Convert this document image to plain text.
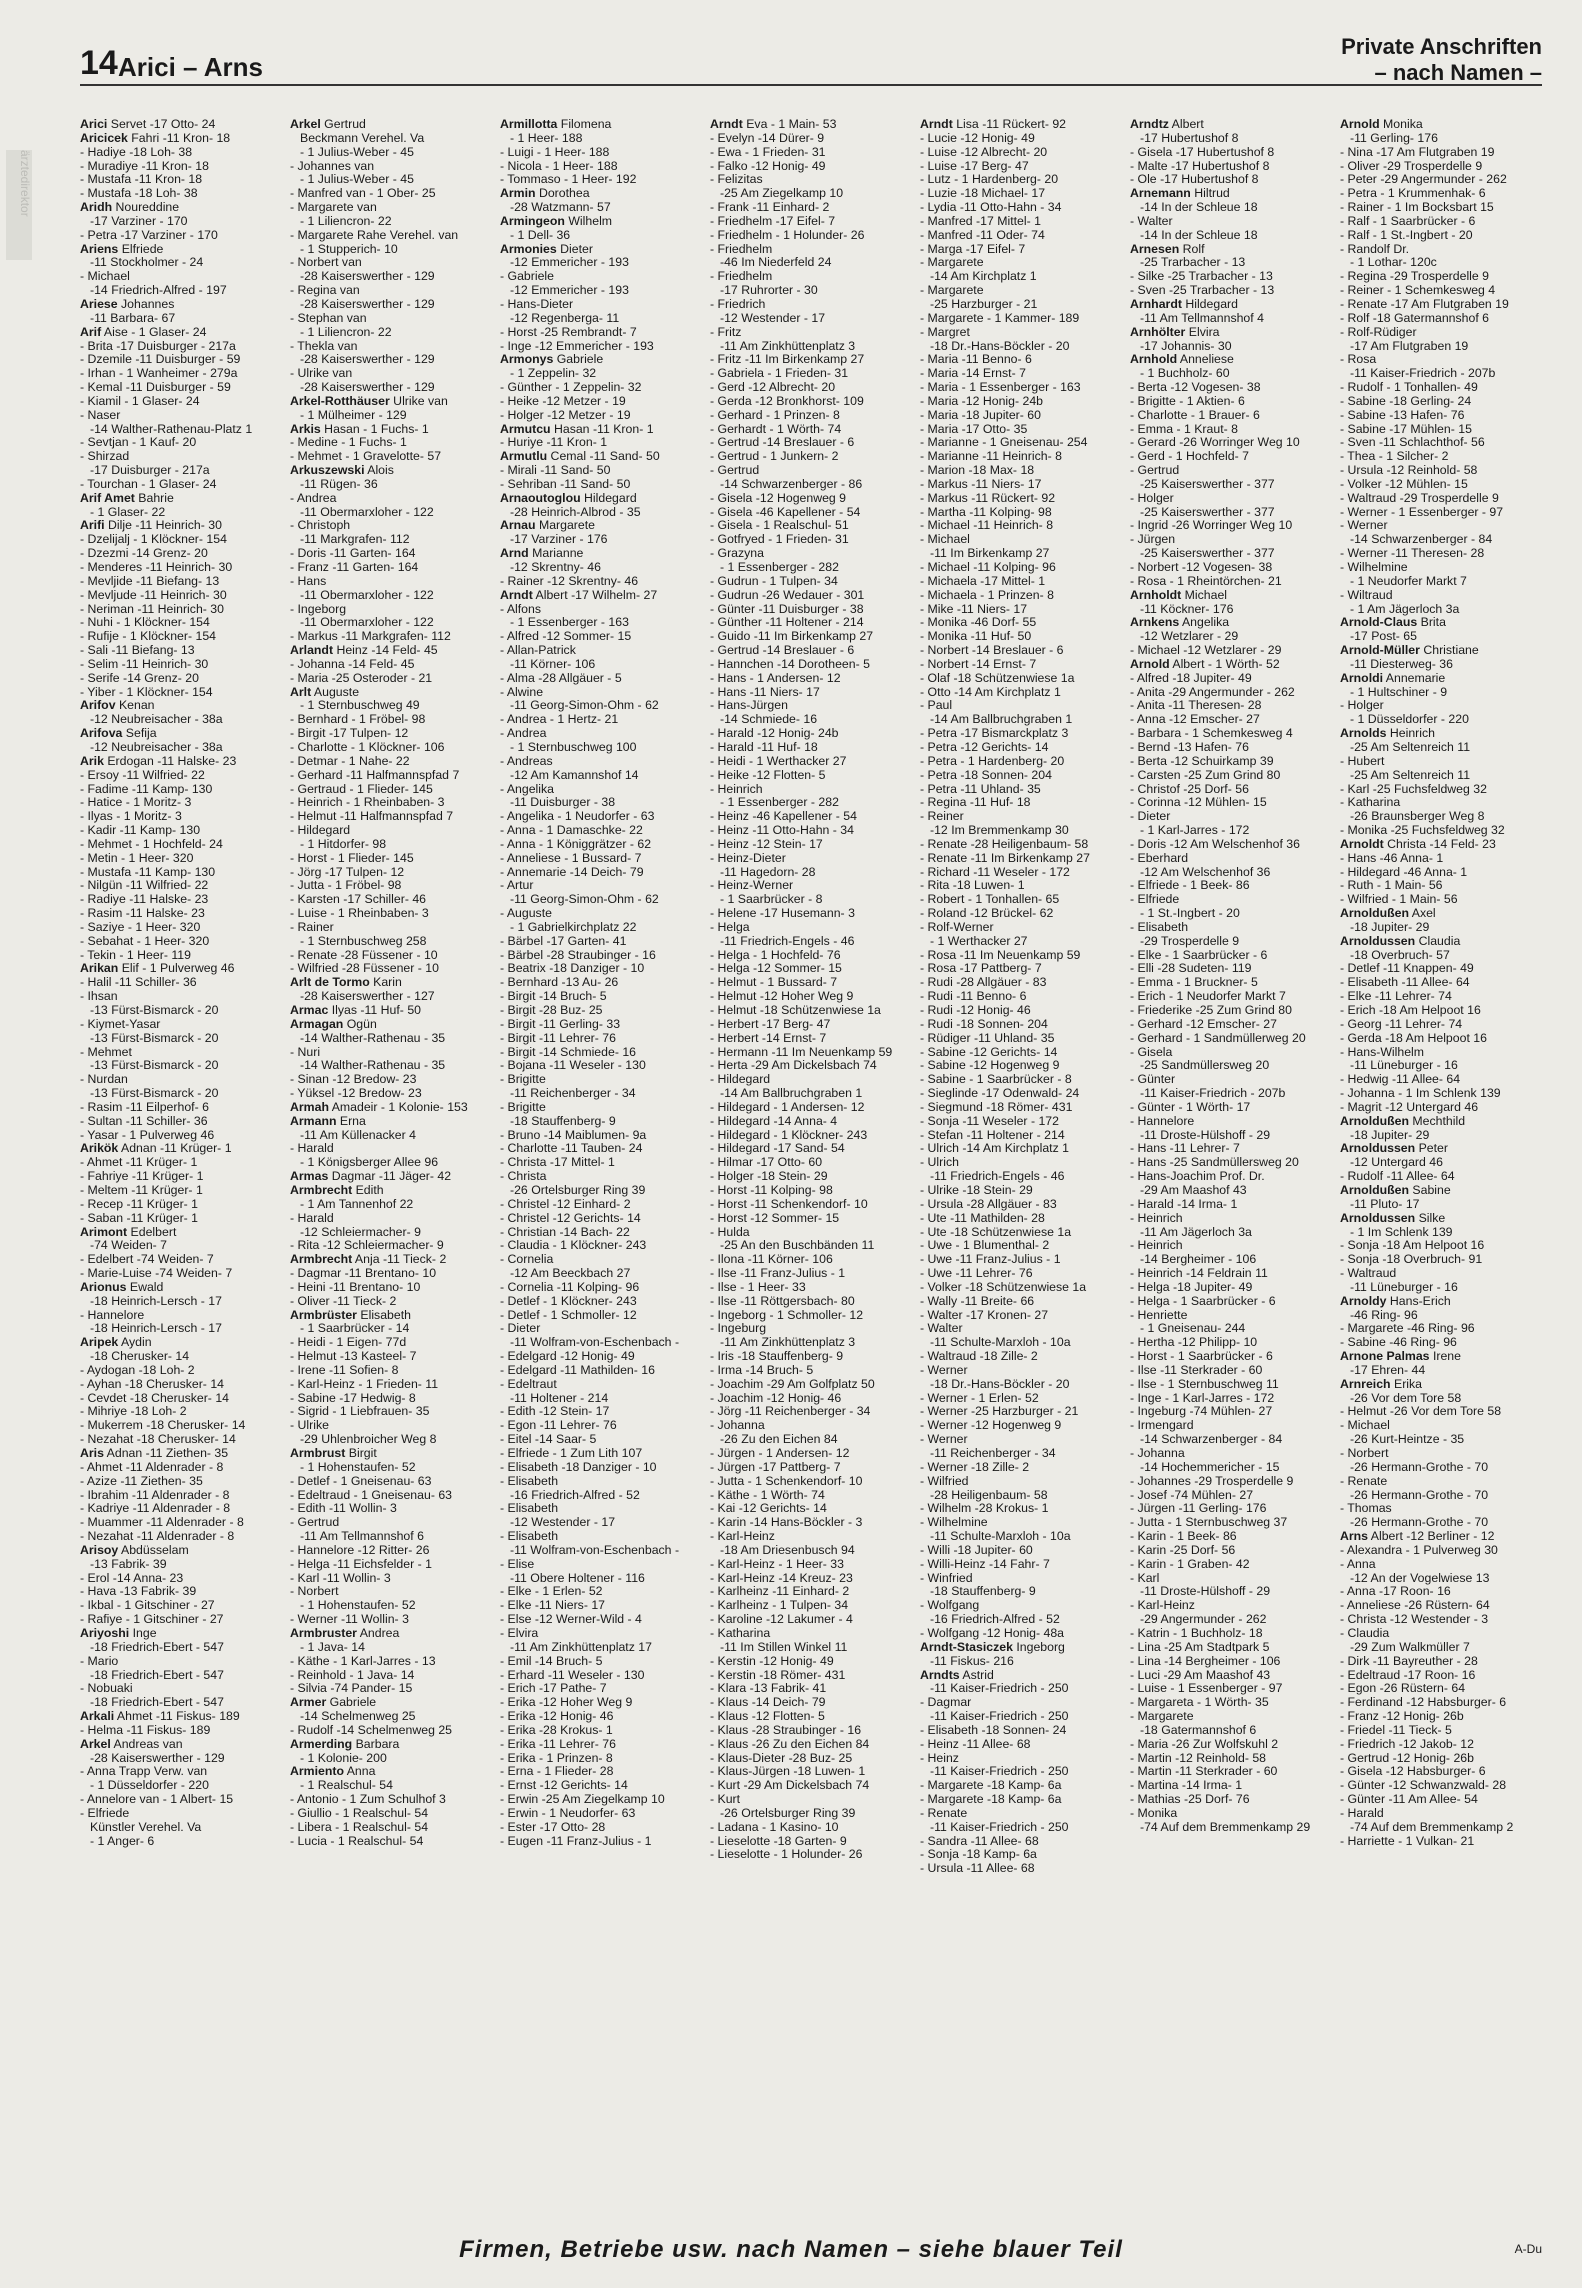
ärztedirektor
14 Arici – Arns
Private Anschriften
– nach Namen –
Arici Servet -17 Otto- 24
Aricicek Fahri -11 Kron- 18
- Hadiye -18 Loh- 38
- Muradiye -11 Kron- 18
- Mustafa -11 Kron- 18
- Mustafa -18 Loh- 38
Aridh Noureddine
-17 Varziner - 170
- Petra -17 Varziner - 170
Ariens Elfriede
-11 Stockholmer - 24
- Michael
-14 Friedrich-Alfred - 197
Ariese Johannes
-11 Barbara- 67
Arif Aise - 1 Glaser- 24
- Brita -17 Duisburger - 217a
- Dzemile -11 Duisburger - 59
- Irhan - 1 Wanheimer - 279a
- Kemal -11 Duisburger - 59
- Kiamil - 1 Glaser- 24
- Naser
-14 Walther-Rathenau-Platz 1
- Sevtjan - 1 Kauf- 20
- Shirzad
-17 Duisburger - 217a
- Tourchan - 1 Glaser- 24
Arif Amet Bahrie
- 1 Glaser- 22
Arifi Dilje -11 Heinrich- 30
- Dzelijalj - 1 Klöckner- 154
- Dzezmi -14 Grenz- 20
- Menderes -11 Heinrich- 30
- Mevljide -11 Biefang- 13
- Mevljude -11 Heinrich- 30
- Neriman -11 Heinrich- 30
- Nuhi - 1 Klöckner- 154
- Rufije - 1 Klöckner- 154
- Sali -11 Biefang- 13
- Selim -11 Heinrich- 30
- Serife -14 Grenz- 20
- Yiber - 1 Klöckner- 154
Arifov Kenan
-12 Neubreisacher - 38a
Arifova Sefija
-12 Neubreisacher - 38a
Arik Erdogan -11 Halske- 23
- Ersoy -11 Wilfried- 22
- Fadime -11 Kamp- 130
- Hatice - 1 Moritz- 3
- Ilyas - 1 Moritz- 3
- Kadir -11 Kamp- 130
- Mehmet - 1 Hochfeld- 24
- Metin - 1 Heer- 320
- Mustafa -11 Kamp- 130
- Nilgün -11 Wilfried- 22
- Radiye -11 Halske- 23
- Rasim -11 Halske- 23
- Saziye - 1 Heer- 320
- Sebahat - 1 Heer- 320
- Tekin - 1 Heer- 119
Arikan Elif - 1 Pulverweg 46
- Halil -11 Schiller- 36
- Ihsan
-13 Fürst-Bismarck - 20
- Kiymet-Yasar
-13 Fürst-Bismarck - 20
- Mehmet
-13 Fürst-Bismarck - 20
- Nurdan
-13 Fürst-Bismarck - 20
- Rasim -11 Eilperhof- 6
- Sultan -11 Schiller- 36
- Yasar - 1 Pulverweg 46
Arikök Adnan -11 Krüger- 1
- Ahmet -11 Krüger- 1
- Fahriye -11 Krüger- 1
- Meltem -11 Krüger- 1
- Recep -11 Krüger- 1
- Saban -11 Krüger- 1
Arimont Edelbert
-74 Weiden- 7
- Edelbert -74 Weiden- 7
- Marie-Luise -74 Weiden- 7
Arionus Ewald
-18 Heinrich-Lersch - 17
- Hannelore
-18 Heinrich-Lersch - 17
Aripek Aydin
-18 Cherusker- 14
- Aydogan -18 Loh- 2
- Ayhan -18 Cherusker- 14
- Cevdet -18 Cherusker- 14
- Mihriye -18 Loh- 2
- Mukerrem -18 Cherusker- 14
- Nezahat -18 Cherusker- 14
Aris Adnan -11 Ziethen- 35
- Ahmet -11 Aldenrader - 8
- Azize -11 Ziethen- 35
- Ibrahim -11 Aldenrader - 8
- Kadriye -11 Aldenrader - 8
- Muammer -11 Aldenrader - 8
- Nezahat -11 Aldenrader - 8
Arisoy Abdüsselam
-13 Fabrik- 39
- Erol -14 Anna- 23
- Hava -13 Fabrik- 39
- Ikbal - 1 Gitschiner - 27
- Rafiye - 1 Gitschiner - 27
Ariyoshi Inge
-18 Friedrich-Ebert - 547
- Mario
-18 Friedrich-Ebert - 547
- Nobuaki
-18 Friedrich-Ebert - 547
Arkali Ahmet -11 Fiskus- 189
- Helma -11 Fiskus- 189
Arkel Andreas van
-28 Kaiserswerther - 129
- Anna Trapp Verw. van
- 1 Düsseldorfer - 220
- Annelore van - 1 Albert- 15
- Elfriede
Künstler Verehel. Va
- 1 Anger- 6
Arkel Gertrud
Beckmann Verehel. Va
- 1 Julius-Weber - 45
- Johannes van
- 1 Julius-Weber - 45
- Manfred van - 1 Ober- 25
- Margarete van
- 1 Liliencron- 22
- Margarete Rahe Verehel. van
- 1 Stupperich- 10
- Norbert van
-28 Kaiserswerther - 129
- Regina van
-28 Kaiserswerther - 129
- Stephan van
- 1 Liliencron- 22
- Thekla van
-28 Kaiserswerther - 129
- Ulrike van
-28 Kaiserswerther - 129
Arkel-Rotthäuser Ulrike van
- 1 Mülheimer - 129
Arkis Hasan - 1 Fuchs- 1
- Medine - 1 Fuchs- 1
- Mehmet - 1 Gravelotte- 57
Arkuszewski Alois
-11 Rügen- 36
- Andrea
-11 Obermarxloher - 122
- Christoph
-11 Markgrafen- 112
- Doris -11 Garten- 164
- Franz -11 Garten- 164
- Hans
-11 Obermarxloher - 122
- Ingeborg
-11 Obermarxloher - 122
- Markus -11 Markgrafen- 112
Arlandt Heinz -14 Feld- 45
- Johanna -14 Feld- 45
- Maria -25 Osteroder - 21
Arlt Auguste
- 1 Sternbuschweg 49
- Bernhard - 1 Fröbel- 98
- Birgit -17 Tulpen- 12
- Charlotte - 1 Klöckner- 106
- Detmar - 1 Nahe- 22
- Gerhard -11 Halfmannspfad 7
- Gertraud - 1 Flieder- 145
- Heinrich - 1 Rheinbaben- 3
- Helmut -11 Halfmannspfad 7
- Hildegard
- 1 Hitdorfer- 98
- Horst - 1 Flieder- 145
- Jörg -17 Tulpen- 12
- Jutta - 1 Fröbel- 98
- Karsten -17 Schiller- 46
- Luise - 1 Rheinbaben- 3
- Rainer
- 1 Sternbuschweg 258
- Renate -28 Füssener - 10
- Wilfried -28 Füssener - 10
Arlt de Tormo Karin
-28 Kaiserswerther - 127
Armac Ilyas -11 Huf- 50
Armagan Ogün
-14 Walther-Rathenau - 35
- Nuri
-14 Walther-Rathenau - 35
- Sinan -12 Bredow- 23
- Yüksel -12 Bredow- 23
Armah Amadeir - 1 Kolonie- 153
Armann Erna
-11 Am Küllenacker 4
- Harald
- 1 Königsberger Allee 96
Armas Dagmar -11 Jäger- 42
Armbrecht Edith
- 1 Am Tannenhof 22
- Harald
-12 Schleiermacher- 9
- Rita -12 Schleiermacher- 9
Armbrecht Anja -11 Tieck- 2
- Dagmar -11 Brentano- 10
- Heini -11 Brentano- 10
- Oliver -11 Tieck- 2
Armbrüster Elisabeth
- 1 Saarbrücker - 14
- Heidi - 1 Eigen- 77d
- Helmut -13 Kasteel- 7
- Irene -11 Sofien- 8
- Karl-Heinz - 1 Frieden- 11
- Sabine -17 Hedwig- 8
- Sigrid - 1 Liebfrauen- 35
- Ulrike
-29 Uhlenbroicher Weg 8
Armbrust Birgit
- 1 Hohenstaufen- 52
- Detlef - 1 Gneisenau- 63
- Edeltraud - 1 Gneisenau- 63
- Edith -11 Wollin- 3
- Gertrud
-11 Am Tellmannshof 6
- Hannelore -12 Ritter- 26
- Helga -11 Eichsfelder - 1
- Karl -11 Wollin- 3
- Norbert
- 1 Hohenstaufen- 52
- Werner -11 Wollin- 3
Armbruster Andrea
- 1 Java- 14
- Käthe - 1 Karl-Jarres - 13
- Reinhold - 1 Java- 14
- Silvia -74 Pander- 15
Armer Gabriele
-14 Schelmenweg 25
- Rudolf -14 Schelmenweg 25
Armerding Barbara
- 1 Kolonie- 200
Armiento Anna
- 1 Realschul- 54
- Antonio - 1 Zum Schulhof 3
- Giullio - 1 Realschul- 54
- Libera - 1 Realschul- 54
- Lucia - 1 Realschul- 54
Armillotta Filomena
- 1 Heer- 188
- Luigi - 1 Heer- 188
- Nicola - 1 Heer- 188
- Tommaso - 1 Heer- 192
Armin Dorothea
-28 Watzmann- 57
Armingeon Wilhelm
- 1 Dell- 36
Armonies Dieter
-12 Emmericher - 193
- Gabriele
-12 Emmericher - 193
- Hans-Dieter
-12 Regenberga- 11
- Horst -25 Rembrandt- 7
- Inge -12 Emmericher - 193
Armonys Gabriele
- 1 Zeppelin- 32
- Günther - 1 Zeppelin- 32
- Heike -12 Metzer - 19
- Holger -12 Metzer - 19
Armutcu Hasan -11 Kron- 1
- Huriye -11 Kron- 1
Armutlu Cemal -11 Sand- 50
- Mirali -11 Sand- 50
- Sehriban -11 Sand- 50
Arnaoutoglou Hildegard
-28 Heinrich-Albrod - 35
Arnau Margarete
-17 Varziner - 176
Arnd Marianne
-12 Skrentny- 46
- Rainer -12 Skrentny- 46
Arndt Albert -17 Wilhelm- 27
- Alfons
- 1 Essenberger - 163
- Alfred -12 Sommer- 15
- Allan-Patrick
-11 Körner- 106
- Alma -28 Allgäuer - 5
- Alwine
-11 Georg-Simon-Ohm - 62
- Andrea - 1 Hertz- 21
- Andrea
- 1 Sternbuschweg 100
- Andreas
-12 Am Kamannshof 14
- Angelika
-11 Duisburger - 38
- Angelika - 1 Neudorfer - 63
- Anna - 1 Damaschke- 22
- Anna - 1 Königgrätzer - 62
- Anneliese - 1 Bussard- 7
- Annemarie -14 Deich- 79
- Artur
-11 Georg-Simon-Ohm - 62
- Auguste
- 1 Gabrielkirchplatz 22
- Bärbel -17 Garten- 41
- Bärbel -28 Straubinger - 16
- Beatrix -18 Danziger - 10
- Bernhard -13 Au- 26
- Birgit -14 Bruch- 5
- Birgit -28 Buz- 25
- Birgit -11 Gerling- 33
- Birgit -11 Lehrer- 76
- Birgit -14 Schmiede- 16
- Bojana -11 Weseler - 130
- Brigitte
-11 Reichenberger - 34
- Brigitte
-18 Stauffenberg- 9
- Bruno -14 Maiblumen- 9a
- Charlotte -11 Tauben- 24
- Christa -17 Mittel- 1
- Christa
-26 Ortelsburger Ring 39
- Christel -12 Einhard- 2
- Christel -12 Gerichts- 14
- Christian -14 Bach- 22
- Claudia - 1 Klöckner- 243
- Cornelia
-12 Am Beeckbach 27
- Cornelia -11 Kolping- 96
- Detlef - 1 Klöckner- 243
- Detlef - 1 Schmoller- 12
- Dieter
-11 Wolfram-von-Eschenbach -
- Edelgard -12 Honig- 49
- Edelgard -11 Mathilden- 16
- Edeltraut
-11 Holtener - 214
- Edith -12 Stein- 17
- Egon -11 Lehrer- 76
- Eitel -14 Saar- 5
- Elfriede - 1 Zum Lith 107
- Elisabeth -18 Danziger - 10
- Elisabeth
-16 Friedrich-Alfred - 52
- Elisabeth
-12 Westender - 17
- Elisabeth
-11 Wolfram-von-Eschenbach -
- Elise
-11 Obere Holtener - 116
- Elke - 1 Erlen- 52
- Elke -11 Niers- 17
- Else -12 Werner-Wild - 4
- Elvira
-11 Am Zinkhüttenplatz 17
- Emil -14 Bruch- 5
- Erhard -11 Weseler - 130
- Erich -17 Pathe- 7
- Erika -12 Hoher Weg 9
- Erika -12 Honig- 46
- Erika -28 Krokus- 1
- Erika -11 Lehrer- 76
- Erika - 1 Prinzen- 8
- Erna - 1 Flieder- 28
- Ernst -12 Gerichts- 14
- Erwin -25 Am Ziegelkamp 10
- Erwin - 1 Neudorfer- 63
- Ester -17 Otto- 28
- Eugen -11 Franz-Julius - 1
Arndt Eva - 1 Main- 53
- Evelyn -14 Dürer- 9
- Ewa - 1 Frieden- 31
- Falko -12 Honig- 49
- Felizitas
-25 Am Ziegelkamp 10
- Frank -11 Einhard- 2
- Friedhelm -17 Eifel- 7
- Friedhelm - 1 Holunder- 26
- Friedhelm
-46 Im Niederfeld 24
- Friedhelm
-17 Ruhrorter - 30
- Friedrich
-12 Westender - 17
- Fritz
-11 Am Zinkhüttenplatz 3
- Fritz -11 Im Birkenkamp 27
- Gabriela - 1 Frieden- 31
- Gerd -12 Albrecht- 20
- Gerda -12 Bronkhorst- 109
- Gerhard - 1 Prinzen- 8
- Gerhardt - 1 Wörth- 74
- Gertrud -14 Breslauer - 6
- Gertrud - 1 Junkern- 2
- Gertrud
-14 Schwarzenberger - 86
- Gisela -12 Hogenweg 9
- Gisela -46 Kapellener - 54
- Gisela - 1 Realschul- 51
- Gotfryed - 1 Frieden- 31
- Grazyna
- 1 Essenberger - 282
- Gudrun - 1 Tulpen- 34
- Gudrun -26 Wedauer - 301
- Günter -11 Duisburger - 38
- Günther -11 Holtener - 214
- Guido -11 Im Birkenkamp 27
- Gertrud -14 Breslauer - 6
- Hannchen -14 Dorotheen- 5
- Hans - 1 Andersen- 12
- Hans -11 Niers- 17
- Hans-Jürgen
-14 Schmiede- 16
- Harald -12 Honig- 24b
- Harald -11 Huf- 18
- Heidi - 1 Werthacker 27
- Heike -12 Flotten- 5
- Heinrich
- 1 Essenberger - 282
- Heinz -46 Kapellener - 54
- Heinz -11 Otto-Hahn - 34
- Heinz -12 Stein- 17
- Heinz-Dieter
-11 Hagedorn- 28
- Heinz-Werner
- 1 Saarbrücker - 8
- Helene -17 Husemann- 3
- Helga
-11 Friedrich-Engels - 46
- Helga - 1 Hochfeld- 76
- Helga -12 Sommer- 15
- Helmut - 1 Bussard- 7
- Helmut -12 Hoher Weg 9
- Helmut -18 Schützenwiese 1a
- Herbert -17 Berg- 47
- Herbert -14 Ernst- 7
- Hermann -11 Im Neuenkamp 59
- Herta -29 Am Dickelsbach 74
- Hildegard
-14 Am Ballbruchgraben 1
- Hildegard - 1 Andersen- 12
- Hildegard -14 Anna- 4
- Hildegard - 1 Klöckner- 243
- Hildegard -17 Sand- 54
- Hilmar -17 Otto- 60
- Holger -18 Stein- 29
- Horst -11 Kolping- 98
- Horst -11 Schenkendorf- 10
- Horst -12 Sommer- 15
- Hulda
-25 An den Buschbänden 11
- Ilona -11 Körner- 106
- Ilse -11 Franz-Julius - 1
- Ilse - 1 Heer- 33
- Ilse -11 Röttgersbach- 80
- Ingeborg - 1 Schmoller- 12
- Ingeburg
-11 Am Zinkhüttenplatz 3
- Iris -18 Stauffenberg- 9
- Irma -14 Bruch- 5
- Joachim -29 Am Golfplatz 50
- Joachim -12 Honig- 46
- Jörg -11 Reichenberger - 34
- Johanna
-26 Zu den Eichen 84
- Jürgen - 1 Andersen- 12
- Jürgen -17 Pattberg- 7
- Jutta - 1 Schenkendorf- 10
- Käthe - 1 Wörth- 74
- Kai -12 Gerichts- 14
- Karin -14 Hans-Böckler - 3
- Karl-Heinz
-18 Am Driesenbusch 94
- Karl-Heinz - 1 Heer- 33
- Karl-Heinz -14 Kreuz- 23
- Karlheinz -11 Einhard- 2
- Karlheinz - 1 Tulpen- 34
- Karoline -12 Lakumer - 4
- Katharina
-11 Im Stillen Winkel 11
- Kerstin -12 Honig- 49
- Kerstin -18 Römer- 431
- Klara -13 Fabrik- 41
- Klaus -14 Deich- 79
- Klaus -12 Flotten- 5
- Klaus -28 Straubinger - 16
- Klaus -26 Zu den Eichen 84
- Klaus-Dieter -28 Buz- 25
- Klaus-Jürgen -18 Luwen- 1
- Kurt -29 Am Dickelsbach 74
- Kurt
-26 Ortelsburger Ring 39
- Ladana - 1 Kasino- 10
- Lieselotte -18 Garten- 9
- Lieselotte - 1 Holunder- 26
Arndt Lisa -11 Rückert- 92
- Lucie -12 Honig- 49
- Luise -12 Albrecht- 20
- Luise -17 Berg- 47
- Lutz - 1 Hardenberg- 20
- Luzie -18 Michael- 17
- Lydia -11 Otto-Hahn - 34
- Manfred -17 Mittel- 1
- Manfred -11 Oder- 74
- Marga -17 Eifel- 7
- Margarete
-14 Am Kirchplatz 1
- Margarete
-25 Harzburger - 21
- Margarete - 1 Kammer- 189
- Margret
-18 Dr.-Hans-Böckler - 20
- Maria -11 Benno- 6
- Maria -14 Ernst- 7
- Maria - 1 Essenberger - 163
- Maria -12 Honig- 24b
- Maria -18 Jupiter- 60
- Maria -17 Otto- 35
- Marianne - 1 Gneisenau- 254
- Marianne -11 Heinrich- 8
- Marion -18 Max- 18
- Markus -11 Niers- 17
- Markus -11 Rückert- 92
- Martha -11 Kolping- 98
- Michael -11 Heinrich- 8
- Michael
-11 Im Birkenkamp 27
- Michael -11 Kolping- 96
- Michaela -17 Mittel- 1
- Michaela - 1 Prinzen- 8
- Mike -11 Niers- 17
- Monika -46 Dorf- 55
- Monika -11 Huf- 50
- Norbert -14 Breslauer - 6
- Norbert -14 Ernst- 7
- Olaf -18 Schützenwiese 1a
- Otto -14 Am Kirchplatz 1
- Paul
-14 Am Ballbruchgraben 1
- Petra -17 Bismarckplatz 3
- Petra -12 Gerichts- 14
- Petra - 1 Hardenberg- 20
- Petra -18 Sonnen- 204
- Petra -11 Uhland- 35
- Regina -11 Huf- 18
- Reiner
-12 Im Bremmenkamp 30
- Renate -28 Heiligenbaum- 58
- Renate -11 Im Birkenkamp 27
- Richard -11 Weseler - 172
- Rita -18 Luwen- 1
- Robert - 1 Tonhallen- 65
- Roland -12 Brückel- 62
- Rolf-Werner
- 1 Werthacker 27
- Rosa -11 Im Neuenkamp 59
- Rosa -17 Pattberg- 7
- Rudi -28 Allgäuer - 83
- Rudi -11 Benno- 6
- Rudi -12 Honig- 46
- Rudi -18 Sonnen- 204
- Rüdiger -11 Uhland- 35
- Sabine -12 Gerichts- 14
- Sabine -12 Hogenweg 9
- Sabine - 1 Saarbrücker - 8
- Sieglinde -17 Odenwald- 24
- Siegmund -18 Römer- 431
- Sonja -11 Weseler - 172
- Stefan -11 Holtener - 214
- Ulrich -14 Am Kirchplatz 1
- Ulrich
-11 Friedrich-Engels - 46
- Ulrike -18 Stein- 29
- Ursula -28 Allgäuer - 83
- Ute -11 Mathilden- 28
- Ute -18 Schützenwiese 1a
- Uwe - 1 Blumenthal- 2
- Uwe -11 Franz-Julius - 1
- Uwe -11 Lehrer- 76
- Volker -18 Schützenwiese 1a
- Wally -11 Breite- 66
- Walter -17 Kronen- 27
- Walter
-11 Schulte-Marxloh - 10a
- Waltraud -18 Zille- 2
- Werner
-18 Dr.-Hans-Böckler - 20
- Werner - 1 Erlen- 52
- Werner -25 Harzburger - 21
- Werner -12 Hogenweg 9
- Werner
-11 Reichenberger - 34
- Werner -18 Zille- 2
- Wilfried
-28 Heiligenbaum- 58
- Wilhelm -28 Krokus- 1
- Wilhelmine
-11 Schulte-Marxloh - 10a
- Willi -18 Jupiter- 60
- Willi-Heinz -14 Fahr- 7
- Winfried
-18 Stauffenberg- 9
- Wolfgang
-16 Friedrich-Alfred - 52
- Wolfgang -12 Honig- 48a
Arndt-Stasiczek Ingeborg
-11 Fiskus- 216
Arndts Astrid
-11 Kaiser-Friedrich - 250
- Dagmar
-11 Kaiser-Friedrich - 250
- Elisabeth -18 Sonnen- 24
- Heinz -11 Allee- 68
- Heinz
-11 Kaiser-Friedrich - 250
- Margarete -18 Kamp- 6a
- Margarete -18 Kamp- 6a
- Renate
-11 Kaiser-Friedrich - 250
- Sandra -11 Allee- 68
- Sonja -18 Kamp- 6a
- Ursula -11 Allee- 68
Arndtz Albert
-17 Hubertushof 8
- Gisela -17 Hubertushof 8
- Malte -17 Hubertushof 8
- Ole -17 Hubertushof 8
Arnemann Hiltrud
-14 In der Schleue 18
- Walter
-14 In der Schleue 18
Arnesen Rolf
-25 Trarbacher - 13
- Silke -25 Trarbacher - 13
- Sven -25 Trarbacher - 13
Arnhardt Hildegard
-11 Am Tellmannshof 4
Arnhölter Elvira
-17 Johannis- 30
Arnhold Anneliese
- 1 Buchholz- 60
- Berta -12 Vogesen- 38
- Brigitte - 1 Aktien- 6
- Charlotte - 1 Brauer- 6
- Emma - 1 Kraut- 8
- Gerard -26 Worringer Weg 10
- Gerd - 1 Hochfeld- 7
- Gertrud
-25 Kaiserswerther - 377
- Holger
-25 Kaiserswerther - 377
- Ingrid -26 Worringer Weg 10
- Jürgen
-25 Kaiserswerther - 377
- Norbert -12 Vogesen- 38
- Rosa - 1 Rheintörchen- 21
Arnholdt Michael
-11 Köckner- 176
Arnkens Angelika
-12 Wetzlarer - 29
- Michael -12 Wetzlarer - 29
Arnold Albert - 1 Wörth- 52
- Alfred -18 Jupiter- 49
- Anita -29 Angermunder - 262
- Anita -11 Theresen- 28
- Anna -12 Emscher- 27
- Barbara - 1 Schemkesweg 4
- Bernd -13 Hafen- 76
- Berta -12 Schuirkamp 39
- Carsten -25 Zum Grind 80
- Christof -25 Dorf- 56
- Corinna -12 Mühlen- 15
- Dieter
- 1 Karl-Jarres - 172
- Doris -12 Am Welschenhof 36
- Eberhard
-12 Am Welschenhof 36
- Elfriede - 1 Beek- 86
- Elfriede
- 1 St.-Ingbert - 20
- Elisabeth
-29 Trosperdelle 9
- Elke - 1 Saarbrücker - 6
- Elli -28 Sudeten- 119
- Emma - 1 Bruckner- 5
- Erich - 1 Neudorfer Markt 7
- Friederike -25 Zum Grind 80
- Gerhard -12 Emscher- 27
- Gerhard - 1 Sandmüllerweg 20
- Gisela
-25 Sandmüllersweg 20
- Günter
-11 Kaiser-Friedrich - 207b
- Günter - 1 Wörth- 17
- Hannelore
-11 Droste-Hülshoff - 29
- Hans -11 Lehrer- 7
- Hans -25 Sandmüllersweg 20
- Hans-Joachim Prof. Dr.
-29 Am Maashof 43
- Harald -14 Irma- 1
- Heinrich
-11 Am Jägerloch 3a
- Heinrich
-14 Bergheimer - 106
- Heinrich -14 Feldrain 11
- Helga -18 Jupiter- 49
- Helga - 1 Saarbrücker - 6
- Henriette
- 1 Gneisenau- 244
- Hertha -12 Philipp- 10
- Horst - 1 Saarbrücker - 6
- Ilse -11 Sterkrader - 60
- Ilse - 1 Sternbuschweg 11
- Inge - 1 Karl-Jarres - 172
- Ingeburg -74 Mühlen- 27
- Irmengard
-14 Schwarzenberger - 84
- Johanna
-14 Hochemmericher - 15
- Johannes -29 Trosperdelle 9
- Josef -74 Mühlen- 27
- Jürgen -11 Gerling- 176
- Jutta - 1 Sternbuschweg 37
- Karin - 1 Beek- 86
- Karin -25 Dorf- 56
- Karin - 1 Graben- 42
- Karl
-11 Droste-Hülshoff - 29
- Karl-Heinz
-29 Angermunder - 262
- Katrin - 1 Buchholz- 18
- Lina -25 Am Stadtpark 5
- Lina -14 Bergheimer - 106
- Luci -29 Am Maashof 43
- Luise - 1 Essenberger - 97
- Margareta - 1 Wörth- 35
- Margarete
-18 Gatermannshof 6
- Maria -26 Zur Wolfskuhl 2
- Martin -12 Reinhold- 58
- Martin -11 Sterkrader - 60
- Martina -14 Irma- 1
- Mathias -25 Dorf- 76
- Monika
-74 Auf dem Bremmenkamp 29
Arnold Monika
-11 Gerling- 176
- Nina -17 Am Flutgraben 19
- Oliver -29 Trosperdelle 9
- Peter -29 Angermunder - 262
- Petra - 1 Krummenhak- 6
- Rainer - 1 Im Bocksbart 15
- Ralf - 1 Saarbrücker - 6
- Ralf - 1 St.-Ingbert - 20
- Randolf Dr.
- 1 Lothar- 120c
- Regina -29 Trosperdelle 9
- Reiner - 1 Schemkesweg 4
- Renate -17 Am Flutgraben 19
- Rolf -18 Gatermannshof 6
- Rolf-Rüdiger
-17 Am Flutgraben 19
- Rosa
-11 Kaiser-Friedrich - 207b
- Rudolf - 1 Tonhallen- 49
- Sabine -18 Gerling- 24
- Sabine -13 Hafen- 76
- Sabine -17 Mühlen- 15
- Sven -11 Schlachthof- 56
- Thea - 1 Silcher- 2
- Ursula -12 Reinhold- 58
- Volker -12 Mühlen- 15
- Waltraud -29 Trosperdelle 9
- Werner - 1 Essenberger - 97
- Werner
-14 Schwarzenberger - 84
- Werner -11 Theresen- 28
- Wilhelmine
- 1 Neudorfer Markt 7
- Wiltraud
- 1 Am Jägerloch 3a
Arnold-Claus Brita
-17 Post- 65
Arnold-Müller Christiane
-11 Diesterweg- 36
Arnoldi Annemarie
- 1 Hultschiner - 9
- Holger
- 1 Düsseldorfer - 220
Arnolds Heinrich
-25 Am Seltenreich 11
- Hubert
-25 Am Seltenreich 11
- Karl -25 Fuchsfeldweg 32
- Katharina
-26 Braunsberger Weg 8
- Monika -25 Fuchsfeldweg 32
Arnoldt Christa -14 Feld- 23
- Hans -46 Anna- 1
- Hildegard -46 Anna- 1
- Ruth - 1 Main- 56
- Wilfried - 1 Main- 56
Arnoldußen Axel
-18 Jupiter- 29
Arnoldussen Claudia
-18 Overbruch- 57
- Detlef -11 Knappen- 49
- Elisabeth -11 Allee- 64
- Elke -11 Lehrer- 74
- Erich -18 Am Helpoot 16
- Georg -11 Lehrer- 74
- Gerda -18 Am Helpoot 16
- Hans-Wilhelm
-11 Lüneburger - 16
- Hedwig -11 Allee- 64
- Johanna - 1 Im Schlenk 139
- Magrit -12 Untergard 46
Arnoldußen Mechthild
-18 Jupiter- 29
Arnoldussen Peter
-12 Untergard 46
- Rudolf -11 Allee- 64
Arnoldußen Sabine
-11 Pluto- 17
Arnoldussen Silke
- 1 Im Schlenk 139
- Sonja -18 Am Helpoot 16
- Sonja -18 Overbruch- 91
- Waltraud
-11 Lüneburger - 16
Arnoldy Hans-Erich
-46 Ring- 96
- Margarete -46 Ring- 96
- Sabine -46 Ring- 96
Arnone Palmas Irene
-17 Ehren- 44
Arnreich Erika
-26 Vor dem Tore 58
- Helmut -26 Vor dem Tore 58
- Michael
-26 Kurt-Heintze - 35
- Norbert
-26 Hermann-Grothe - 70
- Renate
-26 Hermann-Grothe - 70
- Thomas
-26 Hermann-Grothe - 70
Arns Albert -12 Berliner - 12
- Alexandra - 1 Pulverweg 30
- Anna
-12 An der Vogelwiese 13
- Anna -17 Roon- 16
- Anneliese -26 Rüstern- 64
- Christa -12 Westender - 3
- Claudia
-29 Zum Walkmüller 7
- Dirk -11 Bayreuther - 28
- Edeltraud -17 Roon- 16
- Egon -26 Rüstern- 64
- Ferdinand -12 Habsburger- 6
- Franz -12 Honig- 26b
- Friedel -11 Tieck- 5
- Friedrich -12 Jakob- 12
- Gertrud -12 Honig- 26b
- Gisela -12 Habsburger- 6
- Günter -12 Schwanzwald- 28
- Günter -11 Am Allee- 54
- Harald
-74 Auf dem Bremmenkamp 2
- Harriette - 1 Vulkan- 21
Firmen, Betriebe usw. nach Namen – siehe blauer Teil	A-Du
